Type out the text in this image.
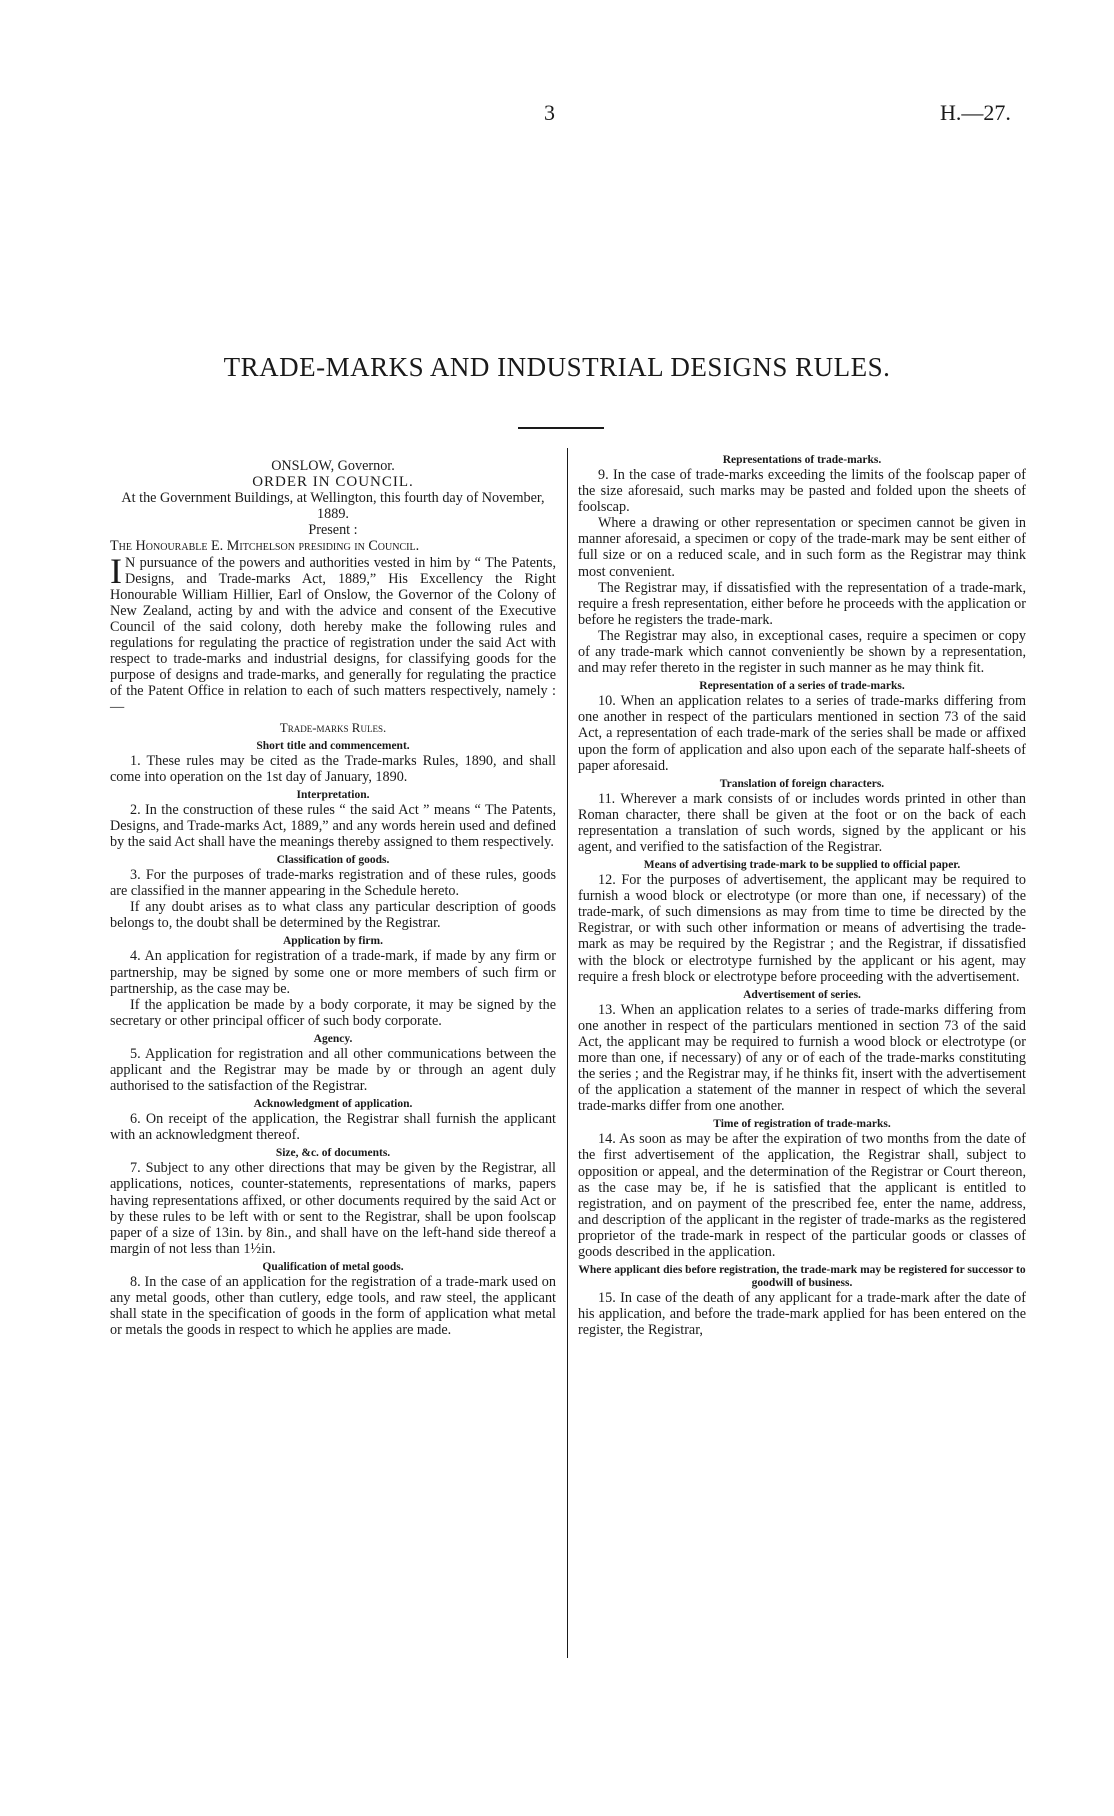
3	H.—27.
TRADE-MARKS AND INDUSTRIAL DESIGNS RULES.

ONSLOW, Governor.

ORDER IN COUNCIL.

At the Government Buildings, at Wellington, this fourth day of November, 1889.

Present :

The Honourable E. Mitchelson presiding in Council.

I N pursuance of the powers and authorities vested in him by “ The Patents, Designs, and Trade-marks Act, 1889,” His Excellency the Right Honourable William Hillier, Earl of Onslow, the Governor of the Colony of New Zealand, acting by and with the advice and consent of the Executive Council of the said colony, doth hereby make the following rules and regulations for regulating the practice of registration under the said Act with respect to trade-marks and industrial designs, for classifying goods for the purpose of designs and trade-marks, and generally for regulating the practice of the Patent Office in relation to each of such matters respectively, namely :—

Trade-marks Rules.

Short title and commencement.

1. These rules may be cited as the Trade-marks Rules, 1890, and shall come into operation on the 1st day of January, 1890.

Interpretation.

2. In the construction of these rules “ the said Act ” means “ The Patents, Designs, and Trade-marks Act, 1889,” and any words herein used and defined by the said Act shall have the meanings thereby assigned to them respectively.

Classification of goods.

3. For the purposes of trade-marks registration and of these rules, goods are classified in the manner appearing in the Schedule hereto.

If any doubt arises as to what class any particular description of goods belongs to, the doubt shall be determined by the Registrar.

Application by firm.

4. An application for registration of a trade-mark, if made by any firm or partnership, may be signed by some one or more members of such firm or partnership, as the case may be.

If the application be made by a body corporate, it may be signed by the secretary or other principal officer of such body corporate.

Agency.

5. Application for registration and all other communications between the applicant and the Registrar may be made by or through an agent duly authorised to the satisfaction of the Registrar.

Acknowledgment of application.

6. On receipt of the application, the Registrar shall furnish the applicant with an acknowledgment thereof.

Size, &c. of documents.

7. Subject to any other directions that may be given by the Registrar, all applications, notices, counter-statements, representations of marks, papers having representations affixed, or other documents required by the said Act or by these rules to be left with or sent to the Registrar, shall be upon foolscap paper of a size of 13in. by 8in., and shall have on the left-hand side thereof a margin of not less than 1½in.

Qualification of metal goods.

8. In the case of an application for the registration of a trade-mark used on any metal goods, other than cutlery, edge tools, and raw steel, the applicant shall state in the specification of goods in the form of application what metal or metals the goods in respect to which he applies are made.

Representations of trade-marks.

9. In the case of trade-marks exceeding the limits of the foolscap paper of the size aforesaid, such marks may be pasted and folded upon the sheets of foolscap.

Where a drawing or other representation or specimen cannot be given in manner aforesaid, a specimen or copy of the trade-mark may be sent either of full size or on a reduced scale, and in such form as the Registrar may think most convenient.

The Registrar may, if dissatisfied with the representation of a trade-mark, require a fresh representation, either before he proceeds with the application or before he registers the trade-mark.

The Registrar may also, in exceptional cases, require a specimen or copy of any trade-mark which cannot conveniently be shown by a representation, and may refer thereto in the register in such manner as he may think fit.

Representation of a series of trade-marks.

10. When an application relates to a series of trade-marks differing from one another in respect of the particulars mentioned in section 73 of the said Act, a representation of each trade-mark of the series shall be made or affixed upon the form of application and also upon each of the separate half-sheets of paper aforesaid.

Translation of foreign characters.

11. Wherever a mark consists of or includes words printed in other than Roman character, there shall be given at the foot or on the back of each representation a translation of such words, signed by the applicant or his agent, and verified to the satisfaction of the Registrar.

Means of advertising trade-mark to be supplied to official paper.

12. For the purposes of advertisement, the applicant may be required to furnish a wood block or electrotype (or more than one, if necessary) of the trade-mark, of such dimensions as may from time to time be directed by the Registrar, or with such other information or means of advertising the trade-mark as may be required by the Registrar ; and the Registrar, if dissatisfied with the block or electrotype furnished by the applicant or his agent, may require a fresh block or electrotype before proceeding with the advertisement.

Advertisement of series.

13. When an application relates to a series of trade-marks differing from one another in respect of the particulars mentioned in section 73 of the said Act, the applicant may be required to furnish a wood block or electrotype (or more than one, if necessary) of any or of each of the trade-marks constituting the series ; and the Registrar may, if he thinks fit, insert with the advertisement of the application a statement of the manner in respect of which the several trade-marks differ from one another.

Time of registration of trade-marks.

14. As soon as may be after the expiration of two months from the date of the first advertisement of the application, the Registrar shall, subject to opposition or appeal, and the determination of the Registrar or Court thereon, as the case may be, if he is satisfied that the applicant is entitled to registration, and on payment of the prescribed fee, enter the name, address, and description of the applicant in the register of trade-marks as the registered proprietor of the trade-mark in respect of the particular goods or classes of goods described in the application.

Where applicant dies before registration, the trade-mark may be registered for successor to goodwill of business.

15. In case of the death of any applicant for a trade-mark after the date of his application, and before the trade-mark applied for has been entered on the register, the Registrar,
